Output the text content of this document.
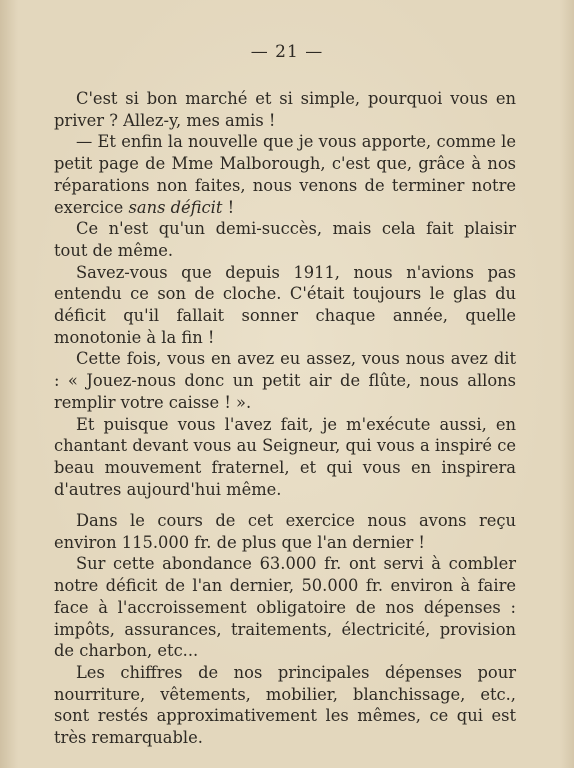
— 21 —

C'est si bon marché et si simple, pourquoi vous en priver ? Allez-y, mes amis !

— Et enfin la nouvelle que je vous apporte, comme le petit page de Mme Malborough, c'est que, grâce à nos réparations non faites, nous venons de terminer notre exercice sans déficit !

Ce n'est qu'un demi-succès, mais cela fait plaisir tout de même.

Savez-vous que depuis 1911, nous n'avions pas entendu ce son de cloche. C'était toujours le glas du déficit qu'il fallait sonner chaque année, quelle monotonie à la fin !

Cette fois, vous en avez eu assez, vous nous avez dit : « Jouez-nous donc un petit air de flûte, nous allons remplir votre caisse ! ».

Et puisque vous l'avez fait, je m'exécute aussi, en chantant devant vous au Seigneur, qui vous a inspiré ce beau mouvement fraternel, et qui vous en inspirera d'autres aujourd'hui même.

Dans le cours de cet exercice nous avons reçu environ 115.000 fr. de plus que l'an dernier !

Sur cette abondance 63.000 fr. ont servi à combler notre déficit de l'an dernier, 50.000 fr. environ à faire face à l'accroissement obligatoire de nos dépenses : impôts, assurances, traitements, électricité, provision de charbon, etc...

Les chiffres de nos principales dépenses pour nourriture, vêtements, mobilier, blanchissage, etc., sont restés approximativement les mêmes, ce qui est très remarquable.
